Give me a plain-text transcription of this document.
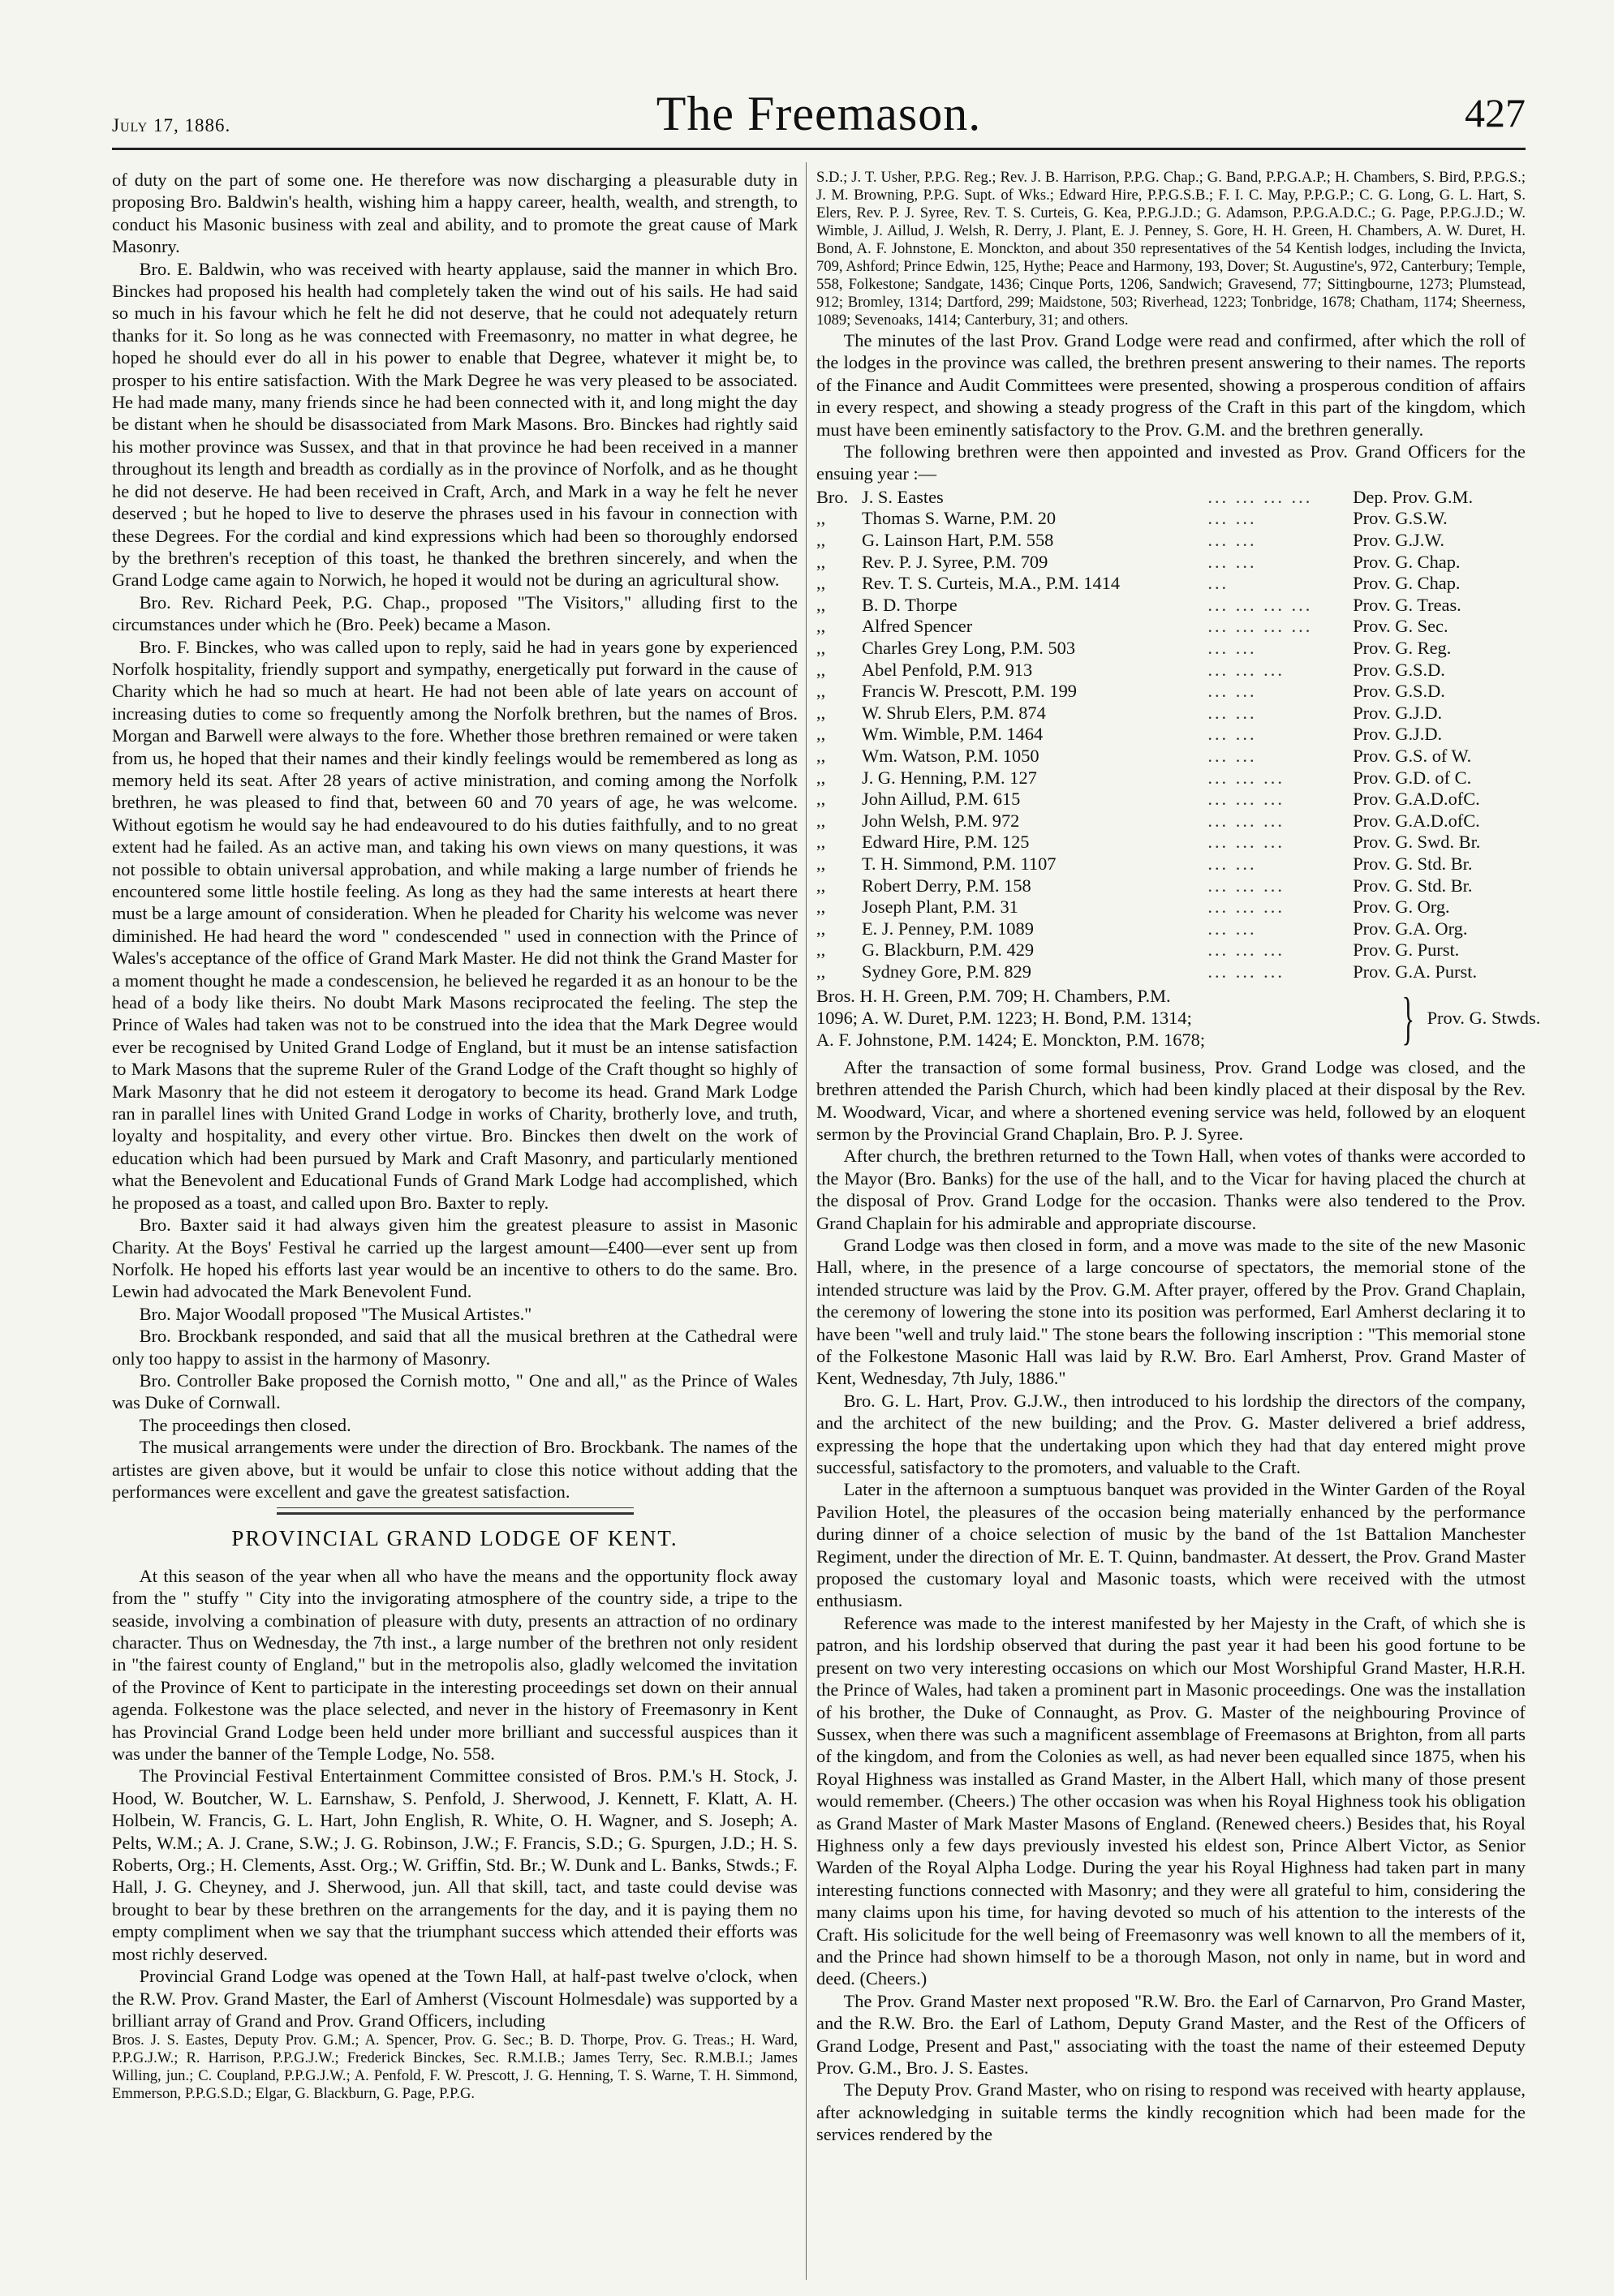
July 17, 1886.	The Freemason.	427

of duty on the part of some one. He therefore was now discharging a pleasurable duty in proposing Bro. Baldwin's health, wishing him a happy career, health, wealth, and strength, to conduct his Masonic business with zeal and ability, and to promote the great cause of Mark Masonry.

Bro. E. Baldwin, who was received with hearty applause, said the manner in which Bro. Binckes had proposed his health had completely taken the wind out of his sails. He had said so much in his favour which he felt he did not deserve, that he could not adequately return thanks for it. So long as he was connected with Freemasonry, no matter in what degree, he hoped he should ever do all in his power to enable that Degree, whatever it might be, to prosper to his entire satisfaction. With the Mark Degree he was very pleased to be associated. He had made many, many friends since he had been connected with it, and long might the day be distant when he should be disassociated from Mark Masons. Bro. Binckes had rightly said his mother province was Sussex, and that in that province he had been received in a manner throughout its length and breadth as cordially as in the province of Norfolk, and as he thought he did not deserve. He had been received in Craft, Arch, and Mark in a way he felt he never deserved ; but he hoped to live to deserve the phrases used in his favour in connection with these Degrees. For the cordial and kind expressions which had been so thoroughly endorsed by the brethren's reception of this toast, he thanked the brethren sincerely, and when the Grand Lodge came again to Norwich, he hoped it would not be during an agricultural show.

Bro. Rev. Richard Peek, P.G. Chap., proposed "The Visitors," alluding first to the circumstances under which he (Bro. Peek) became a Mason.

Bro. F. Binckes, who was called upon to reply, said he had in years gone by experienced Norfolk hospitality, friendly support and sympathy, energetically put forward in the cause of Charity which he had so much at heart. He had not been able of late years on account of increasing duties to come so frequently among the Norfolk brethren, but the names of Bros. Morgan and Barwell were always to the fore. Whether those brethren remained or were taken from us, he hoped that their names and their kindly feelings would be remembered as long as memory held its seat. After 28 years of active ministration, and coming among the Norfolk brethren, he was pleased to find that, between 60 and 70 years of age, he was welcome. Without egotism he would say he had endeavoured to do his duties faithfully, and to no great extent had he failed. As an active man, and taking his own views on many questions, it was not possible to obtain universal approbation, and while making a large number of friends he encountered some little hostile feeling. As long as they had the same interests at heart there must be a large amount of consideration. When he pleaded for Charity his welcome was never diminished. He had heard the word " condescended " used in connection with the Prince of Wales's acceptance of the office of Grand Mark Master. He did not think the Grand Master for a moment thought he made a condescension, he believed he regarded it as an honour to be the head of a body like theirs. No doubt Mark Masons reciprocated the feeling. The step the Prince of Wales had taken was not to be construed into the idea that the Mark Degree would ever be recognised by United Grand Lodge of England, but it must be an intense satisfaction to Mark Masons that the supreme Ruler of the Grand Lodge of the Craft thought so highly of Mark Masonry that he did not esteem it derogatory to become its head. Grand Mark Lodge ran in parallel lines with United Grand Lodge in works of Charity, brotherly love, and truth, loyalty and hospitality, and every other virtue. Bro. Binckes then dwelt on the work of education which had been pursued by Mark and Craft Masonry, and particularly mentioned what the Benevolent and Educational Funds of Grand Mark Lodge had accomplished, which he proposed as a toast, and called upon Bro. Baxter to reply.

Bro. Baxter said it had always given him the greatest pleasure to assist in Masonic Charity. At the Boys' Festival he carried up the largest amount—£400—ever sent up from Norfolk. He hoped his efforts last year would be an incentive to others to do the same. Bro. Lewin had advocated the Mark Benevolent Fund.

Bro. Major Woodall proposed "The Musical Artistes."

Bro. Brockbank responded, and said that all the musical brethren at the Cathedral were only too happy to assist in the harmony of Masonry.

Bro. Controller Bake proposed the Cornish motto, " One and all," as the Prince of Wales was Duke of Cornwall.

The proceedings then closed.

The musical arrangements were under the direction of Bro. Brockbank. The names of the artistes are given above, but it would be unfair to close this notice without adding that the performances were excellent and gave the greatest satisfaction.

PROVINCIAL GRAND LODGE OF KENT.

At this season of the year when all who have the means and the opportunity flock away from the " stuffy " City into the invigorating atmosphere of the country side, a tripe to the seaside, involving a combination of pleasure with duty, presents an attraction of no ordinary character. Thus on Wednesday, the 7th inst., a large number of the brethren not only resident in "the fairest county of England," but in the metropolis also, gladly welcomed the invitation of the Province of Kent to participate in the interesting proceedings set down on their annual agenda. Folkestone was the place selected, and never in the history of Freemasonry in Kent has Provincial Grand Lodge been held under more brilliant and successful auspices than it was under the banner of the Temple Lodge, No. 558.

The Provincial Festival Entertainment Committee consisted of Bros. P.M.'s H. Stock, J. Hood, W. Boutcher, W. L. Earnshaw, S. Penfold, J. Sherwood, J. Kennett, F. Klatt, A. H. Holbein, W. Francis, G. L. Hart, John English, R. White, O. H. Wagner, and S. Joseph; A. Pelts, W.M.; A. J. Crane, S.W.; J. G. Robinson, J.W.; F. Francis, S.D.; G. Spurgen, J.D.; H. S. Roberts, Org.; H. Clements, Asst. Org.; W. Griffin, Std. Br.; W. Dunk and L. Banks, Stwds.; F. Hall, J. G. Cheyney, and J. Sherwood, jun. All that skill, tact, and taste could devise was brought to bear by these brethren on the arrangements for the day, and it is paying them no empty compliment when we say that the triumphant success which attended their efforts was most richly deserved.

Provincial Grand Lodge was opened at the Town Hall, at half-past twelve o'clock, when the R.W. Prov. Grand Master, the Earl of Amherst (Viscount Holmesdale) was supported by a brilliant array of Grand and Prov. Grand Officers, including

Bros. J. S. Eastes, Deputy Prov. G.M.; A. Spencer, Prov. G. Sec.; B. D. Thorpe, Prov. G. Treas.; H. Ward, P.P.G.J.W.; R. Harrison, P.P.G.J.W.; Frederick Binckes, Sec. R.M.I.B.; James Terry, Sec. R.M.B.I.; James Willing, jun.; C. Coupland, P.P.G.J.W.; A. Penfold, F. W. Prescott, J. G. Henning, T. S. Warne, T. H. Simmond, Emmerson, P.P.G.S.D.; Elgar, G. Blackburn, G. Page, P.P.G.

S.D.; J. T. Usher, P.P.G. Reg.; Rev. J. B. Harrison, P.P.G. Chap.; G. Band, P.P.G.A.P.; H. Chambers, S. Bird, P.P.G.S.; J. M. Browning, P.P.G. Supt. of Wks.; Edward Hire, P.P.G.S.B.; F. I. C. May, P.P.G.P.; C. G. Long, G. L. Hart, S. Elers, Rev. P. J. Syree, Rev. T. S. Curteis, G. Kea, P.P.G.J.D.; G. Adamson, P.P.G.A.D.C.; G. Page, P.P.G.J.D.; W. Wimble, J. Aillud, J. Welsh, R. Derry, J. Plant, E. J. Penney, S. Gore, H. H. Green, H. Chambers, A. W. Duret, H. Bond, A. F. Johnstone, E. Monckton, and about 350 representatives of the 54 Kentish lodges, including the Invicta, 709, Ashford; Prince Edwin, 125, Hythe; Peace and Harmony, 193, Dover; St. Augustine's, 972, Canterbury; Temple, 558, Folkestone; Sandgate, 1436; Cinque Ports, 1206, Sandwich; Gravesend, 77; Sittingbourne, 1273; Plumstead, 912; Bromley, 1314; Dartford, 299; Maidstone, 503; Riverhead, 1223; Tonbridge, 1678; Chatham, 1174; Sheerness, 1089; Sevenoaks, 1414; Canterbury, 31; and others.

The minutes of the last Prov. Grand Lodge were read and confirmed, after which the roll of the lodges in the province was called, the brethren present answering to their names. The reports of the Finance and Audit Committees were presented, showing a prosperous condition of affairs in every respect, and showing a steady progress of the Craft in this part of the kingdom, which must have been eminently satisfactory to the Prov. G.M. and the brethren generally.

The following brethren were then appointed and invested as Prov. Grand Officers for the ensuing year :—

Bro.	J. S. Eastes	... ... ... ...	Dep. Prov. G.M.
,,	Thomas S. Warne, P.M. 20	... ...	Prov. G.S.W.
,,	G. Lainson Hart, P.M. 558	... ...	Prov. G.J.W.
,,	Rev. P. J. Syree, P.M. 709	... ...	Prov. G. Chap.
,,	Rev. T. S. Curteis, M.A., P.M. 1414	...	Prov. G. Chap.
,,	B. D. Thorpe	... ... ... ...	Prov. G. Treas.
,,	Alfred Spencer	... ... ... ...	Prov. G. Sec.
,,	Charles Grey Long, P.M. 503	... ...	Prov. G. Reg.
,,	Abel Penfold, P.M. 913	... ... ...	Prov. G.S.D.
,,	Francis W. Prescott, P.M. 199	... ...	Prov. G.S.D.
,,	W. Shrub Elers, P.M. 874	... ...	Prov. G.J.D.
,,	Wm. Wimble, P.M. 1464	... ...	Prov. G.J.D.
,,	Wm. Watson, P.M. 1050	... ...	Prov. G.S. of W.
,,	J. G. Henning, P.M. 127	... ... ...	Prov. G.D. of C.
,,	John Aillud, P.M. 615	... ... ...	Prov. G.A.D.ofC.
,,	John Welsh, P.M. 972	... ... ...	Prov. G.A.D.ofC.
,,	Edward Hire, P.M. 125	... ... ...	Prov. G. Swd. Br.
,,	T. H. Simmond, P.M. 1107	... ...	Prov. G. Std. Br.
,,	Robert Derry, P.M. 158	... ... ...	Prov. G. Std. Br.
,,	Joseph Plant, P.M. 31	... ... ...	Prov. G. Org.
,,	E. J. Penney, P.M. 1089	... ...	Prov. G.A. Org.
,,	G. Blackburn, P.M. 429	... ... ...	Prov. G. Purst.
,,	Sydney Gore, P.M. 829	... ... ...	Prov. G.A. Purst.
Bros. H. H. Green, P.M. 709; H. Chambers, P.M.
1096; A. W. Duret, P.M. 1223; H. Bond, P.M. 1314;
A. F. Johnstone, P.M. 1424; E. Monckton, P.M. 1678;	} Prov. G. Stwds.

After the transaction of some formal business, Prov. Grand Lodge was closed, and the brethren attended the Parish Church, which had been kindly placed at their disposal by the Rev. M. Woodward, Vicar, and where a shortened evening service was held, followed by an eloquent sermon by the Provincial Grand Chaplain, Bro. P. J. Syree.

After church, the brethren returned to the Town Hall, when votes of thanks were accorded to the Mayor (Bro. Banks) for the use of the hall, and to the Vicar for having placed the church at the disposal of Prov. Grand Lodge for the occasion. Thanks were also tendered to the Prov. Grand Chaplain for his admirable and appropriate discourse.

Grand Lodge was then closed in form, and a move was made to the site of the new Masonic Hall, where, in the presence of a large concourse of spectators, the memorial stone of the intended structure was laid by the Prov. G.M. After prayer, offered by the Prov. Grand Chaplain, the ceremony of lowering the stone into its position was performed, Earl Amherst declaring it to have been "well and truly laid." The stone bears the following inscription : "This memorial stone of the Folkestone Masonic Hall was laid by R.W. Bro. Earl Amherst, Prov. Grand Master of Kent, Wednesday, 7th July, 1886."

Bro. G. L. Hart, Prov. G.J.W., then introduced to his lordship the directors of the company, and the architect of the new building; and the Prov. G. Master delivered a brief address, expressing the hope that the undertaking upon which they had that day entered might prove successful, satisfactory to the promoters, and valuable to the Craft.

Later in the afternoon a sumptuous banquet was provided in the Winter Garden of the Royal Pavilion Hotel, the pleasures of the occasion being materially enhanced by the performance during dinner of a choice selection of music by the band of the 1st Battalion Manchester Regiment, under the direction of Mr. E. T. Quinn, bandmaster. At dessert, the Prov. Grand Master proposed the customary loyal and Masonic toasts, which were received with the utmost enthusiasm.

Reference was made to the interest manifested by her Majesty in the Craft, of which she is patron, and his lordship observed that during the past year it had been his good fortune to be present on two very interesting occasions on which our Most Worshipful Grand Master, H.R.H. the Prince of Wales, had taken a prominent part in Masonic proceedings. One was the installation of his brother, the Duke of Connaught, as Prov. G. Master of the neighbouring Province of Sussex, when there was such a magnificent assemblage of Freemasons at Brighton, from all parts of the kingdom, and from the Colonies as well, as had never been equalled since 1875, when his Royal Highness was installed as Grand Master, in the Albert Hall, which many of those present would remember. (Cheers.) The other occasion was when his Royal Highness took his obligation as Grand Master of Mark Master Masons of England. (Renewed cheers.) Besides that, his Royal Highness only a few days previously invested his eldest son, Prince Albert Victor, as Senior Warden of the Royal Alpha Lodge. During the year his Royal Highness had taken part in many interesting functions connected with Masonry; and they were all grateful to him, considering the many claims upon his time, for having devoted so much of his attention to the interests of the Craft. His solicitude for the well being of Freemasonry was well known to all the members of it, and the Prince had shown himself to be a thorough Mason, not only in name, but in word and deed. (Cheers.)

The Prov. Grand Master next proposed "R.W. Bro. the Earl of Carnarvon, Pro Grand Master, and the R.W. Bro. the Earl of Lathom, Deputy Grand Master, and the Rest of the Officers of Grand Lodge, Present and Past," associating with the toast the name of their esteemed Deputy Prov. G.M., Bro. J. S. Eastes.

The Deputy Prov. Grand Master, who on rising to respond was received with hearty applause, after acknowledging in suitable terms the kindly recognition which had been made for the services rendered by the
